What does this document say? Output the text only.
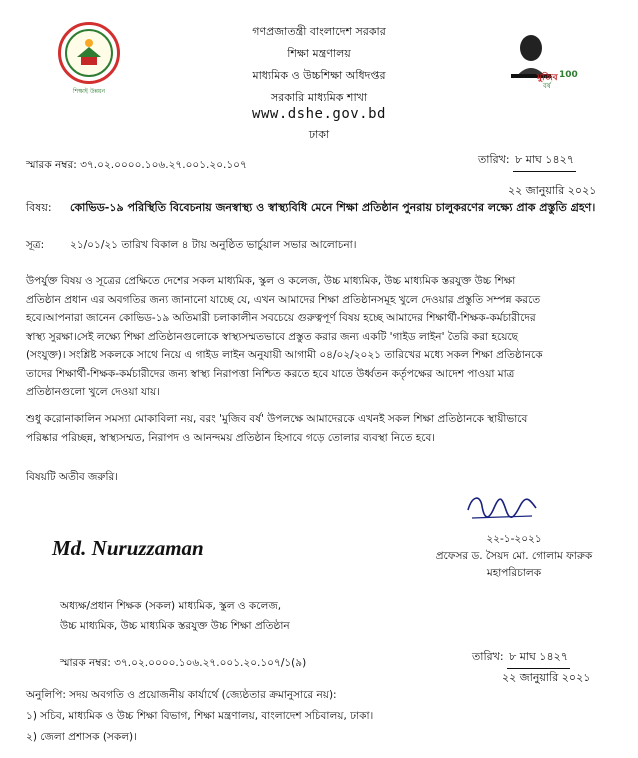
শিক্ষাই উন্নয়ন
মুজিব 100
বর্ষ
গণপ্রজাতন্ত্রী বাংলাদেশ সরকার
শিক্ষা মন্ত্রণালয়
মাধ্যমিক ও উচ্চশিক্ষা অধিদপ্তর
সরকারি মাধ্যমিক শাখা
www.dshe.gov.bd
ঢাকা
স্মারক নম্বর: ৩৭.০২.০০০০.১০৬.২৭.০০১.২০.১০৭	তারিখ: ৮ মাঘ ১৪২৭
২২ জানুয়ারি ২০২১
বিষয়: কোভিড-১৯ পরিস্থিতি বিবেচনায় জনস্বাস্থ্য ও স্বাস্থ্যবিধি মেনে শিক্ষা প্রতিষ্ঠান পুনরায় চালুকরণের লক্ষ্যে প্রাক প্রস্তুতি গ্রহণ।
সূত্র: ২১/০১/২১ তারিখ বিকাল ৪ টায় অনুষ্ঠিত ভার্চুয়াল সভার আলোচনা।
উপর্যুক্ত বিষয় ও সূত্রের প্রেক্ষিতে দেশের সকল মাধ্যমিক, স্কুল ও কলেজ, উচ্চ মাধ্যমিক, উচ্চ মাধ্যমিক স্তরযুক্ত উচ্চ শিক্ষা
প্রতিষ্ঠান প্রধান এর অবগতির জন্য জানানো যাচ্ছে যে, এখন আমাদের শিক্ষা প্রতিষ্ঠানসমূহ খুলে দেওয়ার প্রস্তুতি সম্পন্ন করতে
হবে।আপনারা জানেন কোভিড-১৯ অতিমারী চলাকালীন সবচেয়ে গুরুত্বপূর্ণ বিষয় হচ্ছে আমাদের শিক্ষার্থী-শিক্ষক-কর্মচারীদের
স্বাস্থ্য সুরক্ষা।সেই লক্ষ্যে শিক্ষা প্রতিষ্ঠানগুলোকে স্বাস্থ্যসম্মতভাবে প্রস্তুত করার জন্য একটি 'গাইড লাইন' তৈরি করা হয়েছে
(সংযুক্ত)। সংশ্লিষ্ট সকলকে সাথে নিয়ে এ গাইড লাইন অনুযায়ী আগামী ০৪/০২/২০২১ তারিখের মধ্যে সকল শিক্ষা প্রতিষ্ঠানকে
তাদের শিক্ষার্থী-শিক্ষক-কর্মচারীদের জন্য স্বাস্থ্য নিরাপত্তা নিশ্চিত করতে হবে যাতে উর্ধ্বতন কর্তৃপক্ষের আদেশ পাওয়া মাত্র
প্রতিষ্ঠানগুলো খুলে দেওয়া যায়।
শুধু করোনাকালিন সমস্যা মোকাবিলা নয়, বরং 'মুজিব বর্ষ' উপলক্ষে আমাদেরকে এখনই সকল শিক্ষা প্রতিষ্ঠানকে স্থায়ীভাবে
পরিষ্কার পরিচ্ছন্ন, স্বাস্থ্যসম্মত, নিরাপদ ও আনন্দময় প্রতিষ্ঠান হিসাবে গড়ে তোলার ব্যবস্থা নিতে হবে।
বিষয়টি অতীব জরুরি।
২২-১-২০২১
প্রফেসর ড. সৈয়দ মো. গোলাম ফারুক
মহাপরিচালক
Md. Nuruzzaman
অধ্যক্ষ/প্রধান শিক্ষক (সকল) মাধ্যমিক, স্কুল ও কলেজ,
উচ্চ মাধ্যমিক, উচ্চ মাধ্যমিক স্তরযুক্ত উচ্চ শিক্ষা প্রতিষ্ঠান
স্মারক নম্বর: ৩৭.০২.০০০০.১০৬.২৭.০০১.২০.১০৭/১(৯)	তারিখ: ৮ মাঘ ১৪২৭
২২ জানুয়ারি ২০২১
অনুলিপি: সদয় অবগতি ও প্রয়োজনীয় কার্যার্থে (জ্যেষ্ঠতার ক্রমানুসারে নয়):
১) সচিব, মাধ্যমিক ও উচ্চ শিক্ষা বিভাগ, শিক্ষা মন্ত্রণালয়, বাংলাদেশ সচিবালয়, ঢাকা।
২) জেলা প্রশাসক (সকল)।
